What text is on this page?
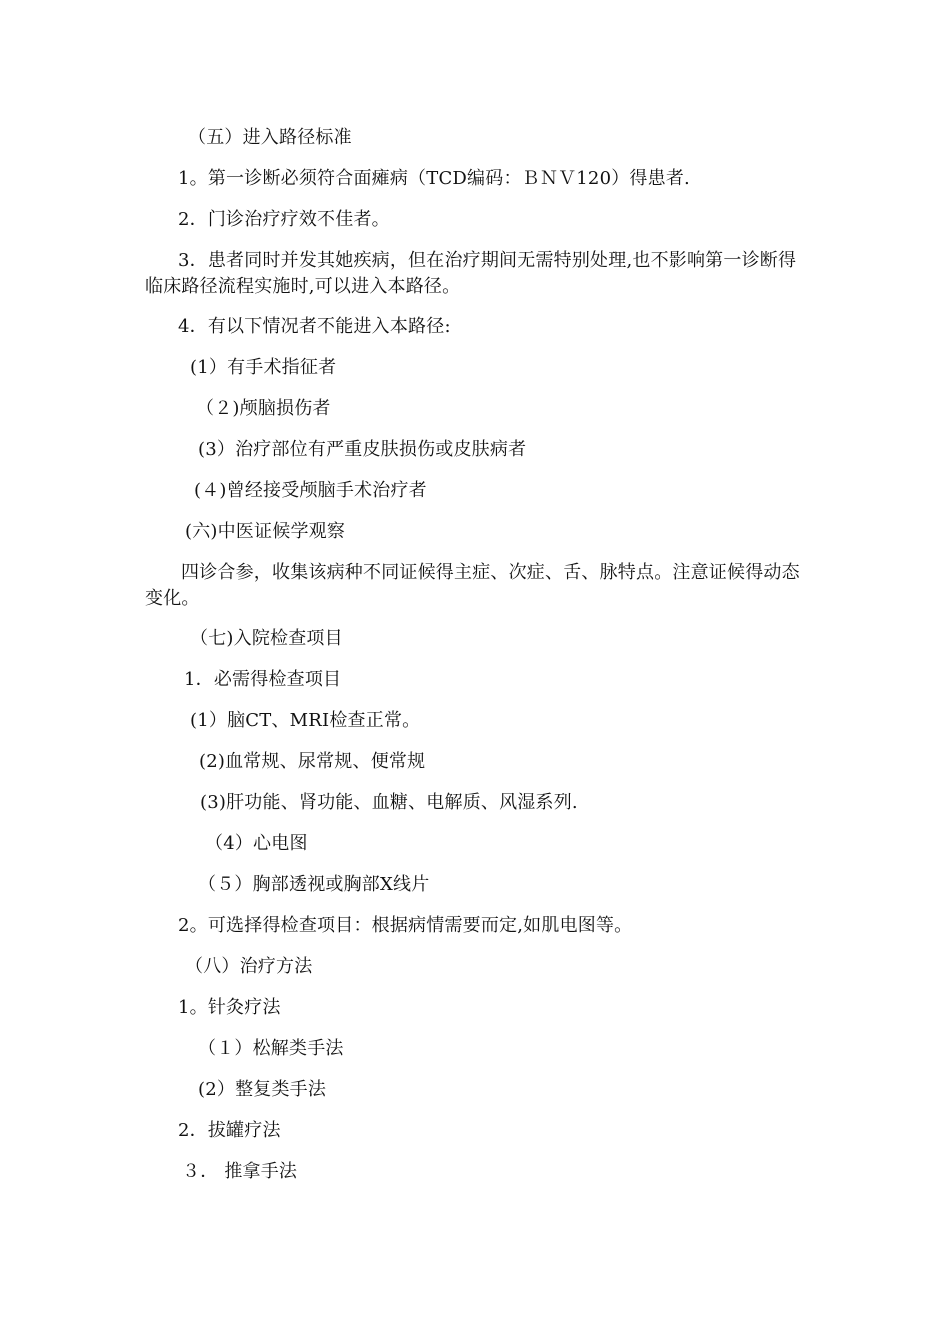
（五）进入路径标准
1。第一诊断必须符合面瘫病（TCD编码：ＢＮＶ120）得患者.
2．门诊治疗疗效不佳者。
3．患者同时并发其她疾病，但在治疗期间无需特别处理,也不影响第一诊断得临床路径流程实施时,可以进入本路径。
4．有以下情况者不能进入本路径:
(1）有手术指征者
（２)颅脑损伤者
(3）治疗部位有严重皮肤损伤或皮肤病者
(４)曾经接受颅脑手术治疗者
(六)中医证候学观察
四诊合参，收集该病种不同证候得主症、次症、舌、脉特点。注意证候得动态变化。
（七)入院检查项目
1．必需得检查项目
(1）脑CT、MRI检查正常。
(2)血常规、尿常规、便常规
(3)肝功能、肾功能、血糖、电解质、风湿系列.
（4）心电图
（５）胸部透视或胸部X线片
2。可选择得检查项目：根据病情需要而定,如肌电图等。
（八）治疗方法
1。针灸疗法
（１）松解类手法
(2）整复类手法
2．拔罐疗法
３． 推拿手法
